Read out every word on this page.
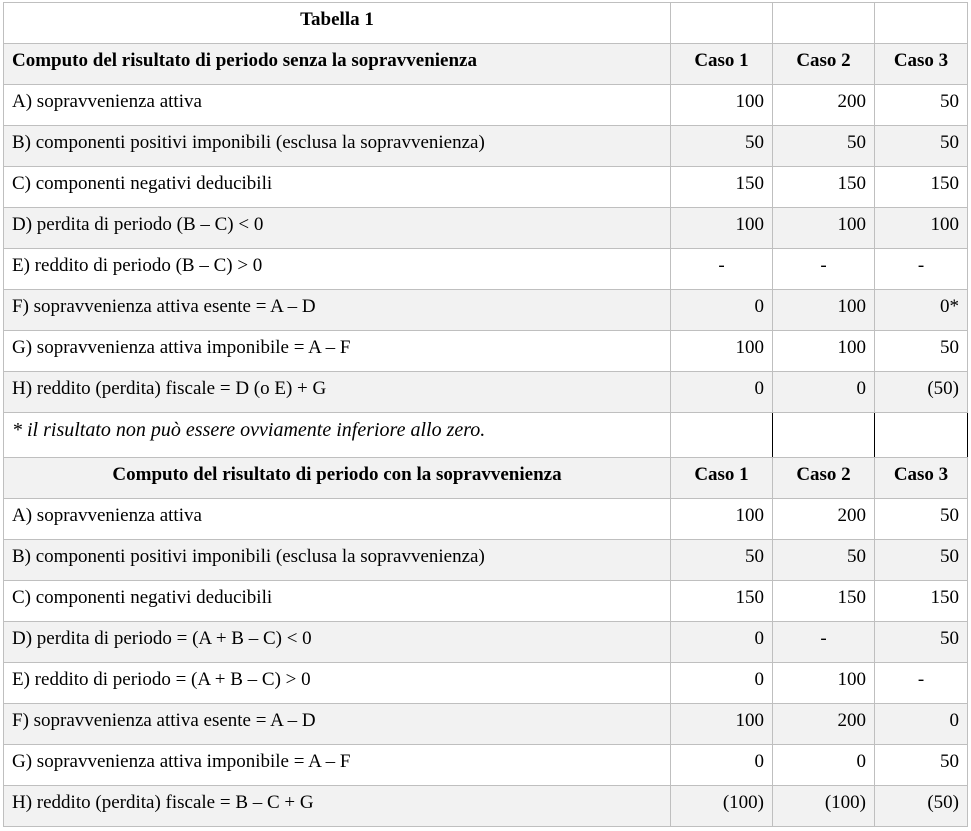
Tabella 1			
Computo del risultato di periodo senza la sopravvenienza	Caso 1	Caso 2	Caso 3
A) sopravvenienza attiva	100	200	50
B) componenti positivi imponibili (esclusa la sopravvenienza)	50	50	50
C) componenti negativi deducibili	150	150	150
D) perdita di periodo (B – C) < 0	100	100	100
E) reddito di periodo (B – C) > 0	-	-	-
F) sopravvenienza attiva esente = A – D	0	100	0*
G) sopravvenienza attiva imponibile = A – F	100	100	50
H) reddito (perdita) fiscale = D (o E) + G	0	0	(50)
* il risultato non può essere ovviamente inferiore allo zero.			
Computo del risultato di periodo con la sopravvenienza	Caso 1	Caso 2	Caso 3
A) sopravvenienza attiva	100	200	50
B) componenti positivi imponibili (esclusa la sopravvenienza)	50	50	50
C) componenti negativi deducibili	150	150	150
D) perdita di periodo = (A + B – C) < 0	0	-	50
E) reddito di periodo = (A + B – C) > 0	0	100	-
F) sopravvenienza attiva esente = A – D	100	200	0
G) sopravvenienza attiva imponibile = A – F	0	0	50
H) reddito (perdita) fiscale = B – C + G	(100)	(100)	(50)
